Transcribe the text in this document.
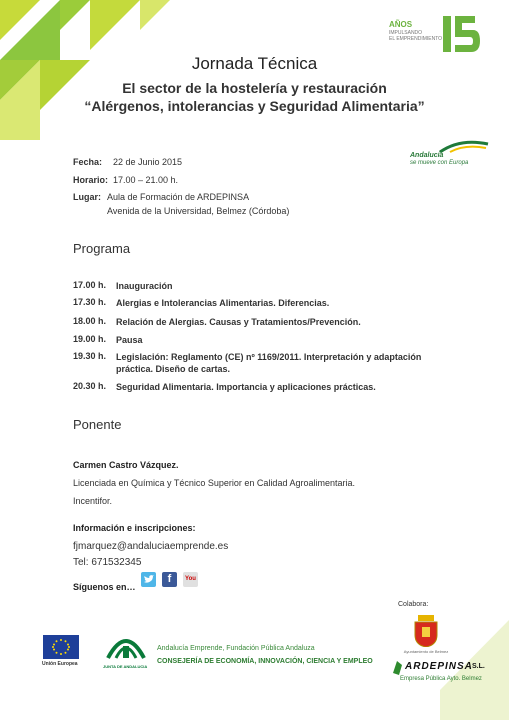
AÑOS
IMPULSANDO
EL EMPRENDIMIENTO
Jornada Técnica
El sector de la hostelería y restauración
“Alérgenos, intolerancias y Seguridad Alimentaria”
Andalucía
se mueve con Europa
Fecha: 22 de Junio 2015
Horario: 17.00 – 21.00 h.
Lugar: Aula de Formación de ARDEPINSA
Avenida de la Universidad, Belmez (Córdoba)
Programa
17.00 h. Inauguración
17.30 h. Alergias e Intolerancias Alimentarias. Diferencias.
18.00 h. Relación de Alergias. Causas y Tratamientos/Prevención.
19.00 h. Pausa
19.30 h. Legislación: Reglamento (CE) nº 1169/2011. Interpretación y adaptación práctica. Diseño de cartas.
20.30 h. Seguridad Alimentaria. Importancia y aplicaciones prácticas.
Ponente
Carmen Castro Vázquez.
Licenciada en Química y Técnico Superior en Calidad Agroalimentaria.
Incentifor.
Información e inscripciones:
fjmarquez@andaluciaemprende.es
Tel: 671532345
Síguenos en…
f	You
Colabora:
Ayuntamiento de Belmez
ARDEPINSA S.L.
Empresa Pública Ayto. Belmez
Unión Europea	JUNTA DE ANDALUCIA
Andalucía Emprende, Fundación Pública Andaluza
CONSEJERÍA DE ECONOMÍA, INNOVACIÓN, CIENCIA Y EMPLEO
